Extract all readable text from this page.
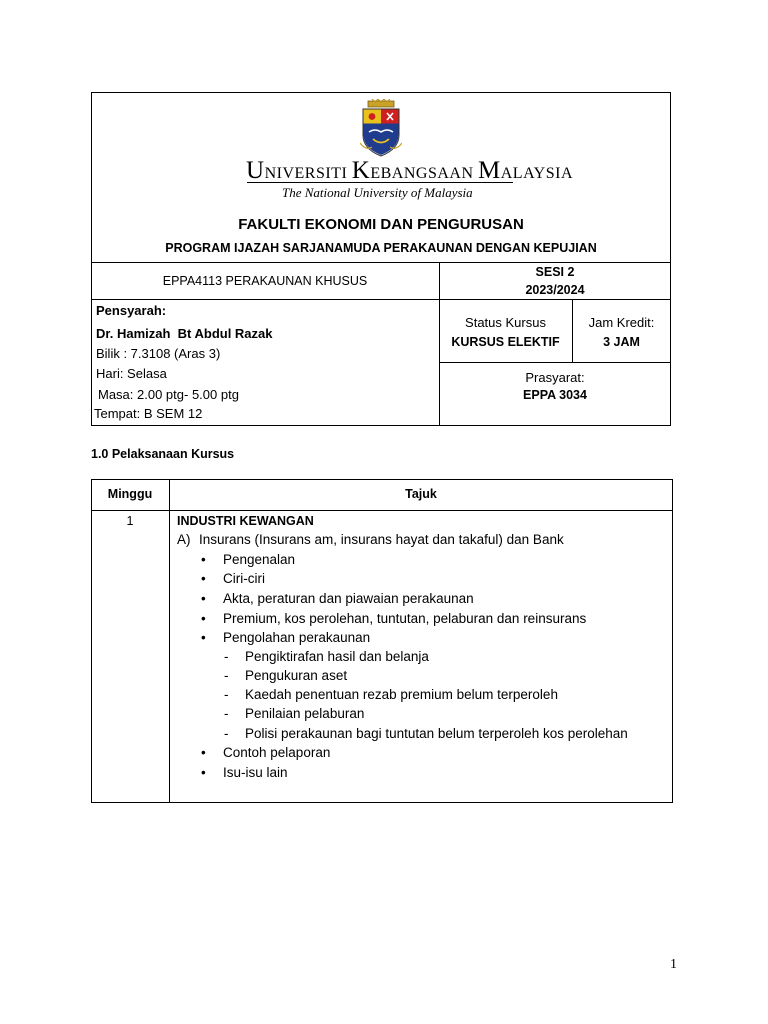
UNIVERSITI KEBANGSAAN MALAYSIA
The National University of Malaysia
FAKULTI EKONOMI DAN PENGURUSAN
PROGRAM IJAZAH SARJANAMUDA PERAKAUNAN DENGAN KEPUJIAN
EPPA4113 PERAKAUNAN KHUSUS
SESI 2
2023/2024
Pensyarah:
Dr. Hamizah  Bt Abdul Razak
Bilik : 7.3108 (Aras 3)
Hari: Selasa
Masa: 2.00 ptg- 5.00 ptg
Tempat: B SEM 12
Status Kursus
KURSUS ELEKTIF
Jam Kredit:
3 JAM
Prasyarat:
EPPA 3034
1.0 Pelaksanaan Kursus
Minggu	Tajuk
1	INDUSTRI KEWANGAN
A) Insurans (Insurans am, insurans hayat dan takaful) dan Bank
• Pengenalan
• Ciri-ciri
• Akta, peraturan dan piawaian perakaunan
• Premium, kos perolehan, tuntutan, pelaburan dan reinsurans
• Pengolahan perakaunan
- Pengiktirafan hasil dan belanja
- Pengukuran aset
- Kaedah penentuan rezab premium belum terperoleh
- Penilaian pelaburan
- Polisi perakaunan bagi tuntutan belum terperoleh kos perolehan
• Contoh pelaporan
• Isu-isu lain
1
